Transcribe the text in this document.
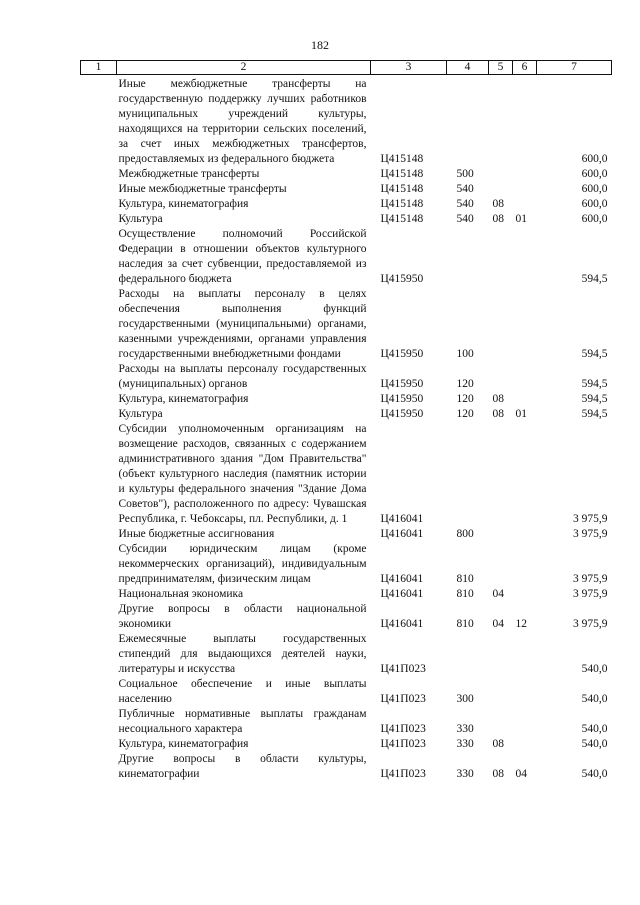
182
1	2	3	4	5	6	7

Иные межбюджетные трансферты на государственную поддержку лучших работников муниципальных учреждений культуры, находящихся на территории сельских поселений, за счет иных межбюджетных трансфертов, предоставляемых из федерального бюджета		Ц415148				600,0
Межбюджетные трансферты		Ц415148	500			600,0
Иные межбюджетные трансферты		Ц415148	540			600,0
Культура, кинематография		Ц415148	540	08		600,0
Культура		Ц415148	540	08	01	600,0
Осуществление полномочий Российской Федерации в отношении объектов культурного наследия за счет субвенции, предоставляемой из федерального бюджета		Ц415950				594,5
Расходы на выплаты персоналу в целях обеспечения выполнения функций государственными (муниципальными) органами, казенными учреждениями, органами управления государственными внебюджетными фондами		Ц415950	100			594,5
Расходы на выплаты персоналу государственных (муниципальных) органов		Ц415950	120			594,5
Культура, кинематография		Ц415950	120	08		594,5
Культура		Ц415950	120	08	01	594,5
Субсидии уполномоченным организациям на возмещение расходов, связанных с содержанием административного здания "Дом Правительства" (объект культурного наследия (памятник истории и культуры федерального значения "Здание Дома Советов"), расположенного по адресу: Чувашская Республика, г. Чебоксары, пл. Республики, д. 1		Ц416041				3 975,9
Иные бюджетные ассигнования		Ц416041	800			3 975,9
Субсидии юридическим лицам (кроме некоммерческих организаций), индивидуальным предпринимателям, физическим лицам		Ц416041	810			3 975,9
Национальная экономика		Ц416041	810	04		3 975,9
Другие вопросы в области национальной экономики		Ц416041	810	04	12	3 975,9
Ежемесячные выплаты государственных стипендий для выдающихся деятелей науки, литературы и искусства		Ц41П023				540,0
Социальное обеспечение и иные выплаты населению		Ц41П023	300			540,0
Публичные нормативные выплаты гражданам несоциального характера		Ц41П023	330			540,0
Культура, кинематография		Ц41П023	330	08		540,0
Другие вопросы в области культуры, кинематографии		Ц41П023	330	08	04	540,0
